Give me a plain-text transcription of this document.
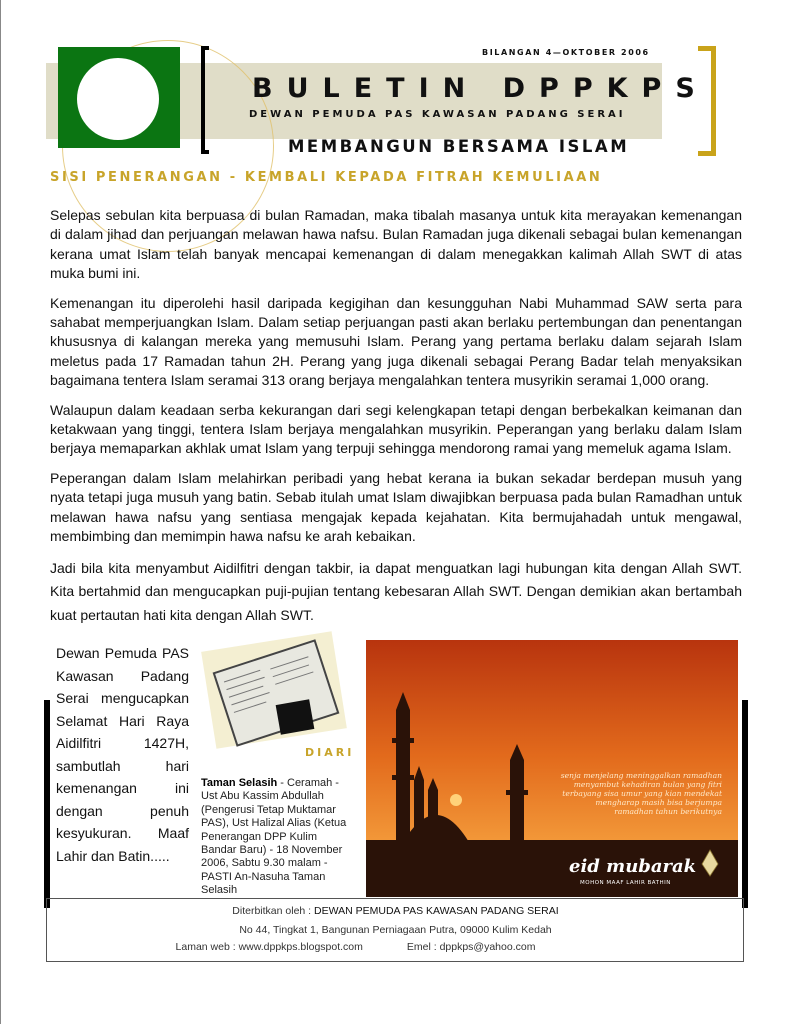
BILANGAN 4—OKTOBER 2006
BULETIN DPPKPS
DEWAN PEMUDA PAS KAWASAN PADANG SERAI
MEMBANGUN BERSAMA ISLAM
SISI PENERANGAN - KEMBALI KEPADA FITRAH KEMULIAAN

Selepas sebulan kita berpuasa di bulan Ramadan, maka tibalah masanya untuk kita merayakan kemenangan di dalam jihad dan perjuangan melawan hawa nafsu. Bulan Ramadan juga dikenali sebagai bulan kemenangan kerana umat Islam telah banyak mencapai kemenangan di dalam menegakkan kalimah Allah SWT di atas muka bumi ini.

Kemenangan itu diperolehi hasil daripada kegigihan dan kesungguhan Nabi Muhammad SAW serta para sahabat memperjuangkan Islam. Dalam setiap perjuangan pasti akan berlaku pertembungan dan penentangan khususnya di kalangan mereka yang memusuhi Islam. Perang yang pertama berlaku dalam sejarah Islam meletus pada 17 Ramadan tahun 2H. Perang yang juga dikenali sebagai Perang Badar telah menyaksikan bagaimana tentera Islam seramai 313 orang berjaya mengalahkan tentera musyrikin seramai 1,000 orang.

Walaupun dalam keadaan serba kekurangan dari segi kelengkapan tetapi dengan berbekalkan keimanan dan ketakwaan yang tinggi, tentera Islam berjaya mengalahkan musyrikin. Peperangan yang berlaku dalam Islam berjaya memaparkan akhlak umat Islam yang terpuji sehingga mendorong ramai yang memeluk agama Islam.

Peperangan dalam Islam melahirkan peribadi yang hebat kerana ia bukan sekadar berdepan musuh yang nyata tetapi juga musuh yang batin. Sebab itulah umat Islam diwajibkan berpuasa pada bulan Ramadhan untuk melawan hawa nafsu yang sentiasa mengajak kepada kejahatan. Kita bermujahadah untuk mengawal, membimbing dan memimpin hawa nafsu ke arah kebaikan.

Jadi bila kita menyambut Aidilfitri dengan takbir, ia dapat menguatkan lagi hubungan kita dengan Allah SWT. Kita bertahmid dan mengucapkan puji-pujian tentang kebesaran Allah SWT. Dengan demikian akan bertambah kuat pertautan hati kita dengan Allah SWT.

Dewan Pemuda PAS Kawasan Padang Serai mengucapkan Selamat Hari Raya Aidilfitri 1427H, sambutlah hari kemenangan ini dengan penuh kesyukuran. Maaf Lahir dan Batin.....
DIARI
Taman Selasih - Ceramah - Ust Abu Kassim Abdullah (Pengerusi Tetap Muktamar PAS), Ust Halizal Alias (Ketua Penerangan DPP Kulim Bandar Baru) - 18 November 2006, Sabtu 9.30 malam - PASTI An-Nasuha Taman Selasih
senja menjelang meninggalkan ramadhan
menyambut kehadiran bulan yang fitri
terbayang sisa umur yang kian mendekat
mengharap masih bisa berjumpa
ramadhan tahun berikutnya
eid mubarak
MOHON MAAF LAHIR BATHIN
Diterbitkan oleh : DEWAN PEMUDA PAS KAWASAN PADANG SERAI
No 44, Tingkat 1, Bangunan Perniagaan Putra, 09000 Kulim Kedah
Laman web : www.dppkps.blogspot.com	Emel : dppkps@yahoo.com
